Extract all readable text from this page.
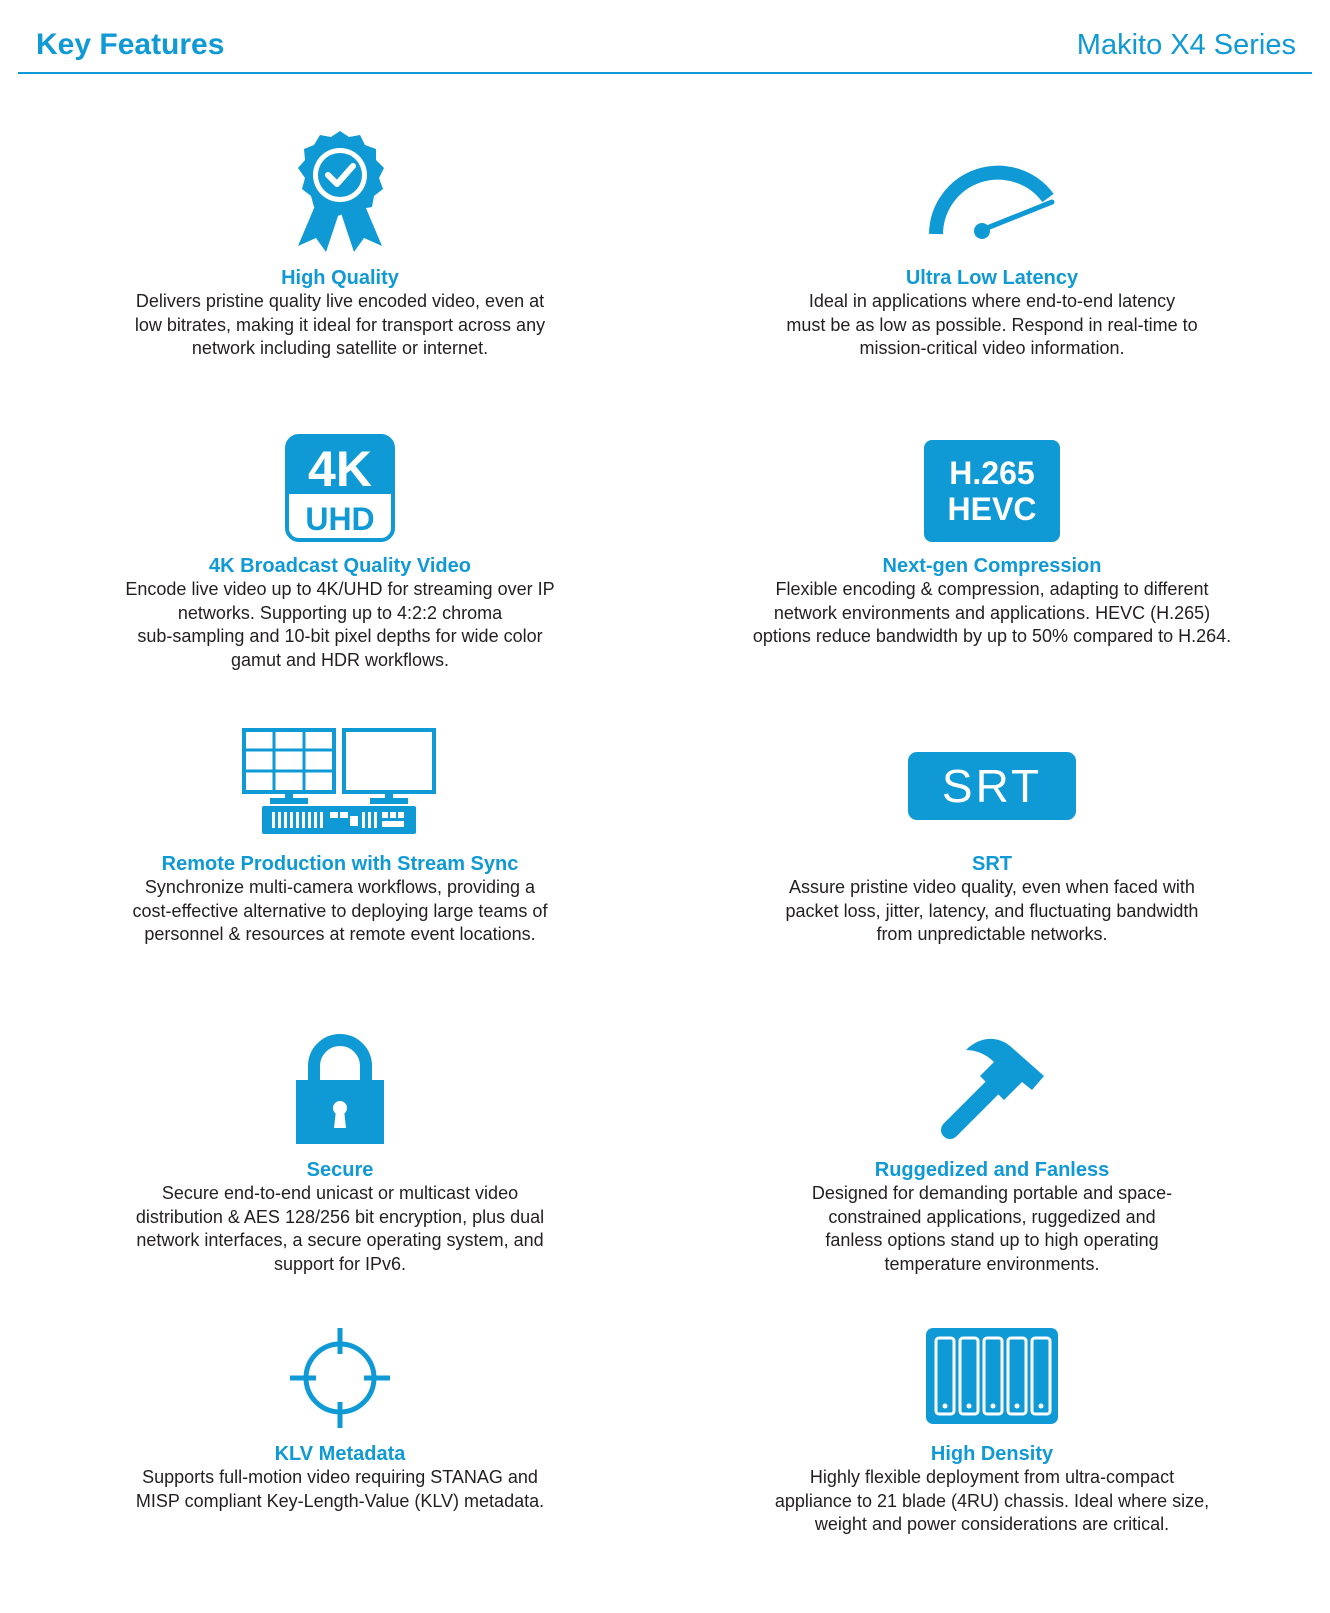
Key Features	Makito X4 Series
High Quality
Delivers pristine quality live encoded video, even at
low bitrates, making it ideal for transport across any
network including satellite or internet.
Ultra Low Latency
Ideal in applications where end-to-end latency
must be as low as possible. Respond in real-time to
mission-critical video information.
4K
UHD
4K Broadcast Quality Video
Encode live video up to 4K/UHD for streaming over IP
networks. Supporting up to 4:2:2 chroma
sub-sampling and 10-bit pixel depths for wide color
gamut and HDR workflows.
H.265
HEVC
Next-gen Compression
Flexible encoding & compression, adapting to different
network environments and applications. HEVC (H.265)
options reduce bandwidth by up to 50% compared to H.264.
Remote Production with Stream Sync
Synchronize multi-camera workflows, providing a
cost-effective alternative to deploying large teams of
personnel & resources at remote event locations.
SRT
SRT
Assure pristine video quality, even when faced with
packet loss, jitter, latency, and fluctuating bandwidth
from unpredictable networks.
Secure
Secure end-to-end unicast or multicast video
distribution & AES 128/256 bit encryption, plus dual
network interfaces, a secure operating system, and
support for IPv6.
Ruggedized and Fanless
Designed for demanding portable and space-
constrained applications, ruggedized and
fanless options stand up to high operating
temperature environments.
KLV Metadata
Supports full-motion video requiring STANAG and
MISP compliant Key-Length-Value (KLV) metadata.
High Density
Highly flexible deployment from ultra-compact
appliance to 21 blade (4RU) chassis. Ideal where size,
weight and power considerations are critical.
